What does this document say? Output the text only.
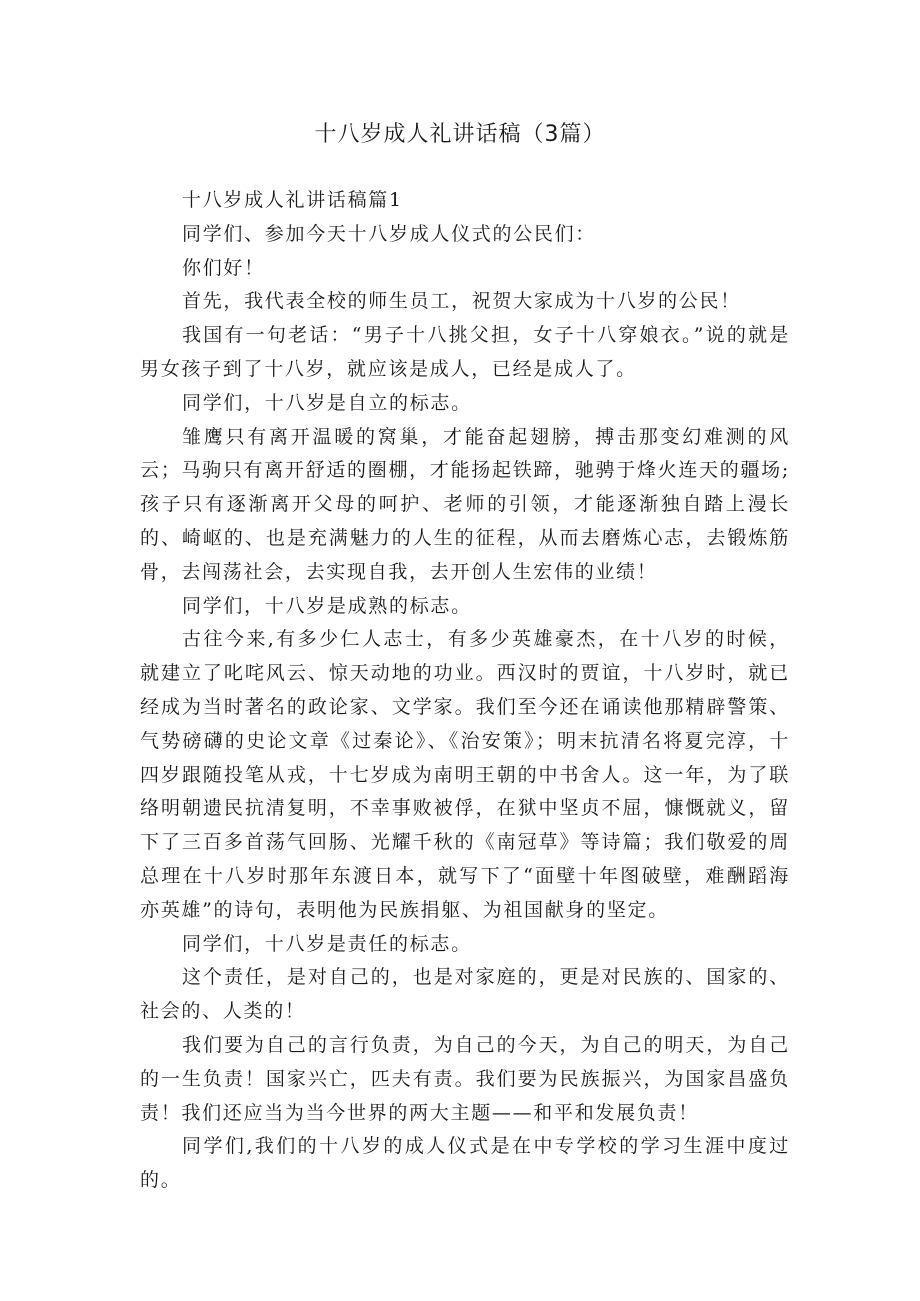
十八岁成人礼讲话稿（3篇）

十八岁成人礼讲话稿篇1

同学们、参加今天十八岁成人仪式的公民们：

你们好！

首先，我代表全校的师生员工，祝贺大家成为十八岁的公民！

我国有一句老话：“男子十八挑父担，女子十八穿娘衣。”说的就是男女孩子到了十八岁，就应该是成人，已经是成人了。

同学们，十八岁是自立的标志。

雏鹰只有离开温暖的窝巢，才能奋起翅膀，搏击那变幻难测的风云；马驹只有离开舒适的圈棚，才能扬起铁蹄，驰骋于烽火连天的疆场;孩子只有逐渐离开父母的呵护、老师的引领，才能逐渐独自踏上漫长的、崎岖的、也是充满魅力的人生的征程，从而去磨炼心志，去锻炼筋骨，去闯荡社会，去实现自我，去开创人生宏伟的业绩！

同学们，十八岁是成熟的标志。

古往今来,有多少仁人志士，有多少英雄豪杰，在十八岁的时候，就建立了叱咤风云、惊天动地的功业。西汉时的贾谊，十八岁时，就已经成为当时著名的政论家、文学家。我们至今还在诵读他那精辟警策、气势磅礴的史论文章《过秦论》、《治安策》；明末抗清名将夏完淳，十四岁跟随投笔从戎，十七岁成为南明王朝的中书舍人。这一年，为了联络明朝遗民抗清复明，不幸事败被俘，在狱中坚贞不屈，慷慨就义，留下了三百多首荡气回肠、光耀千秋的《南冠草》等诗篇；我们敬爱的周总理在十八岁时那年东渡日本，就写下了“面壁十年图破壁，难酬蹈海亦英雄”的诗句，表明他为民族捐躯、为祖国献身的坚定。

同学们，十八岁是责任的标志。

这个责任，是对自己的，也是对家庭的，更是对民族的、国家的、社会的、人类的！

我们要为自己的言行负责，为自己的今天，为自己的明天，为自己的一生负责！国家兴亡，匹夫有责。我们要为民族振兴，为国家昌盛负责！我们还应当为当今世界的两大主题——和平和发展负责！

同学们,我们的十八岁的成人仪式是在中专学校的学习生涯中度过的。
